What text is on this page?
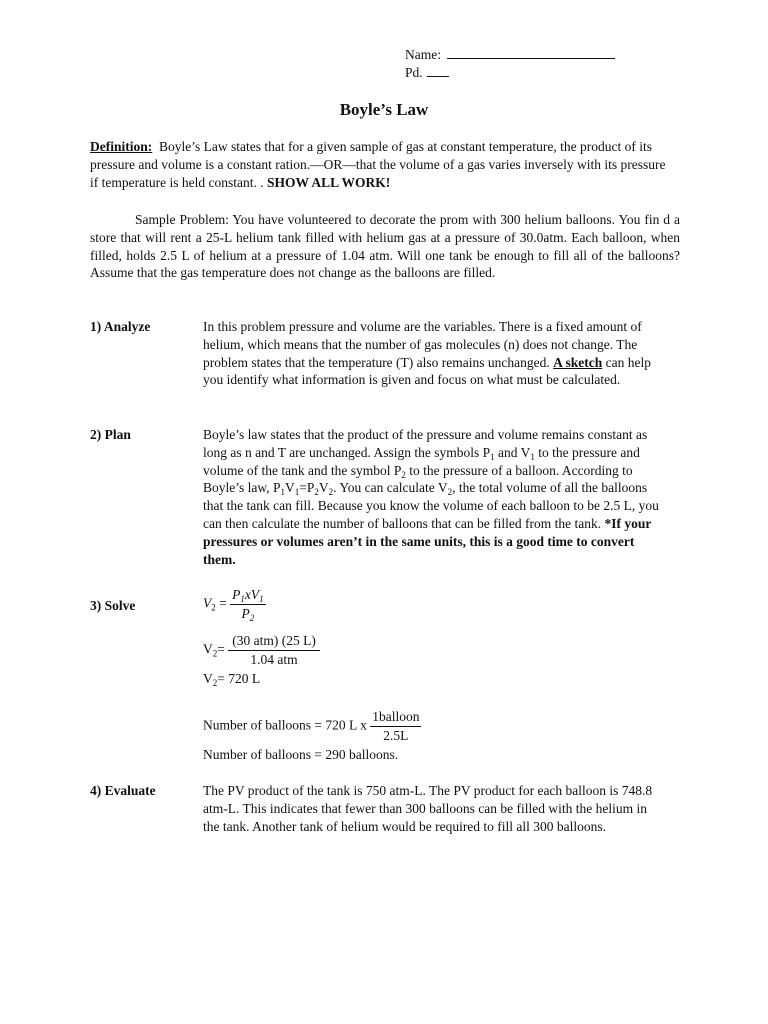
Name:
Pd.
Boyle’s Law
Definition: Boyle’s Law states that for a given sample of gas at constant temperature, the product of its pressure and volume is a constant ration.—OR—that the volume of a gas varies inversely with its pressure if temperature is held constant. . SHOW ALL WORK!

Sample Problem: You have volunteered to decorate the prom with 300 helium balloons. You fin d a store that will rent a 25-L helium tank filled with helium gas at a pressure of 30.0atm. Each balloon, when filled, holds 2.5 L of helium at a pressure of 1.04 atm. Will one tank be enough to fill all of the balloons? Assume that the gas temperature does not change as the balloons are filled.

1) Analyze	In this problem pressure and volume are the variables. There is a fixed amount of helium, which means that the number of gas molecules (n) does not change. The problem states that the temperature (T) also remains unchanged. A sketch can help you identify what information is given and focus on what must be calculated.
2) Plan	Boyle’s law states that the product of the pressure and volume remains constant as long as n and T are unchanged. Assign the symbols $P_1$ and $V_1$ to the pressure and volume of the tank and the symbol $P_2$ to the pressure of a balloon. According to Boyle’s law, $P_1V_1=P_2V_2$. You can calculate $V_2$, the total volume of all the balloons that the tank can fill. Because you know the volume of each balloon to be 2.5 L, you can then calculate the number of balloons that can be filled from the tank. *If your pressures or volumes aren’t in the same units, this is a good time to convert them.
3) Solve	$V_2 = \frac{P_1xV_1}{P_2}$
$V_2= \frac{\text{(30 atm) (25 L)}}{\text{1.04 atm}}$
$V_2= 720$ L
Number of balloons = 720 L x $\frac{\text{1balloon}}{2.5L}$
Number of balloons = 290 balloons.
4) Evaluate	The PV product of the tank is 750 atm-L. The PV product for each balloon is 748.8 atm-L. This indicates that fewer than 300 balloons can be filled with the helium in the tank. Another tank of helium would be required to fill all 300 balloons.
